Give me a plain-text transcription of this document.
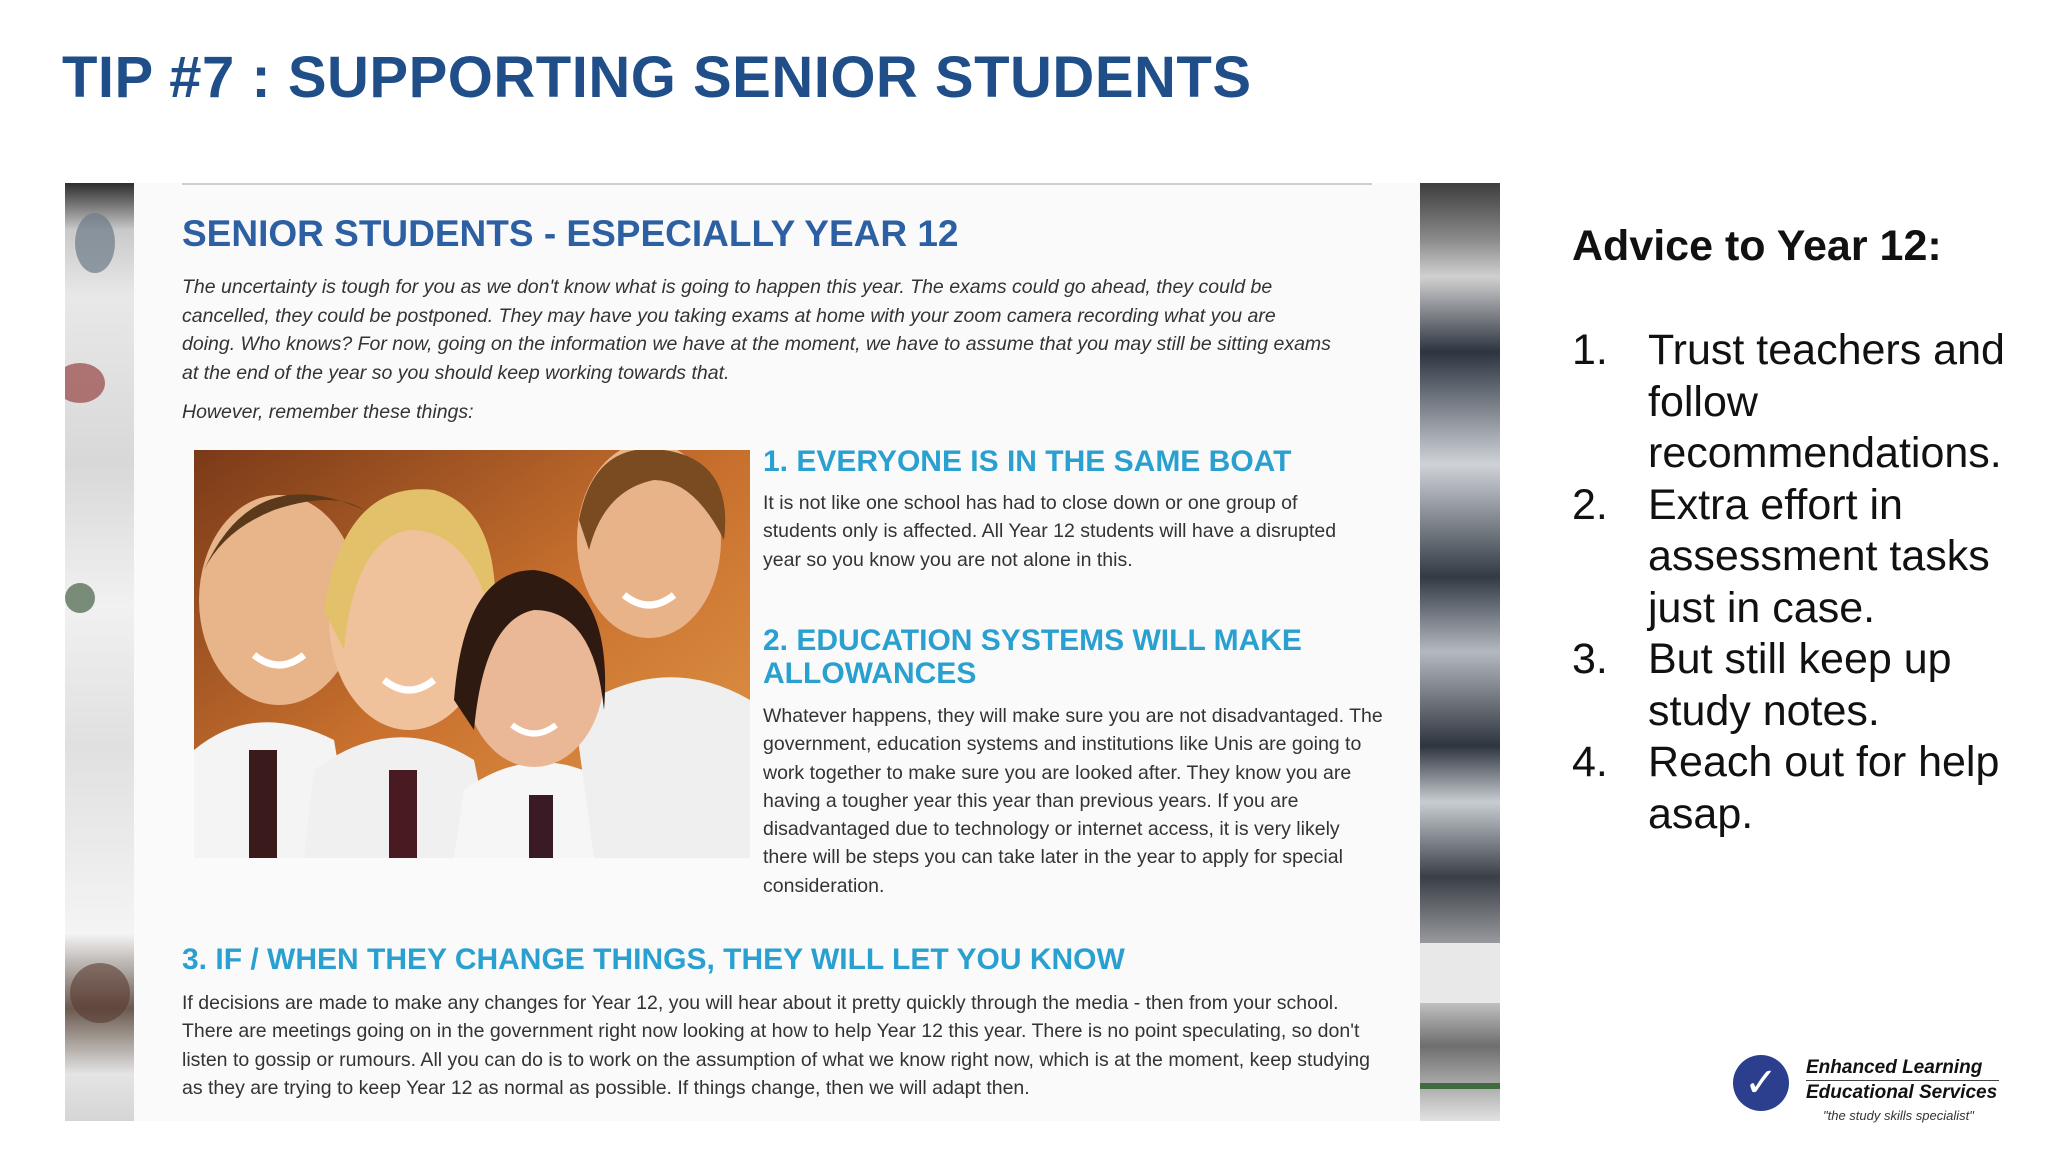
TIP #7 : SUPPORTING SENIOR STUDENTS
SENIOR STUDENTS - ESPECIALLY YEAR 12

The uncertainty is tough for you as we don't know what is going to happen this year. The exams could go ahead, they could be cancelled, they could be postponed. They may have you taking exams at home with your zoom camera recording what you are doing. Who knows? For now, going on the information we have at the moment, we have to assume that you may still be sitting exams at the end of the year so you should keep working towards that.

However, remember these things:
1. EVERYONE IS IN THE SAME BOAT

It is not like one school has had to close down or one group of students only is affected. All Year 12 students will have a disrupted year so you know you are not alone in this.

2. EDUCATION SYSTEMS WILL MAKE ALLOWANCES

Whatever happens, they will make sure you are not disadvantaged. The government, education systems and institutions like Unis are going to work together to make sure you are looked after. They know you are having a tougher year this year than previous years. If you are disadvantaged due to technology or internet access, it is very likely there will be steps you can take later in the year to apply for special consideration.

3. IF / WHEN THEY CHANGE THINGS, THEY WILL LET YOU KNOW

If decisions are made to make any changes for Year 12, you will hear about it pretty quickly through the media - then from your school. There are meetings going on in the government right now looking at how to help Year 12 this year. There is no point speculating, so don't listen to gossip or rumours. All you can do is to work on the assumption of what we know right now, which is at the moment, keep studying as they are trying to keep Year 12 as normal as possible. If things change, then we will adapt then.

Advice to Year 12:
1. Trust teachers and follow recommendations.
2. Extra effort in assessment tasks just in case.
3. But still keep up study notes.
4. Reach out for help asap.
✓	Enhanced Learning
Educational Services
"the study skills specialist"
